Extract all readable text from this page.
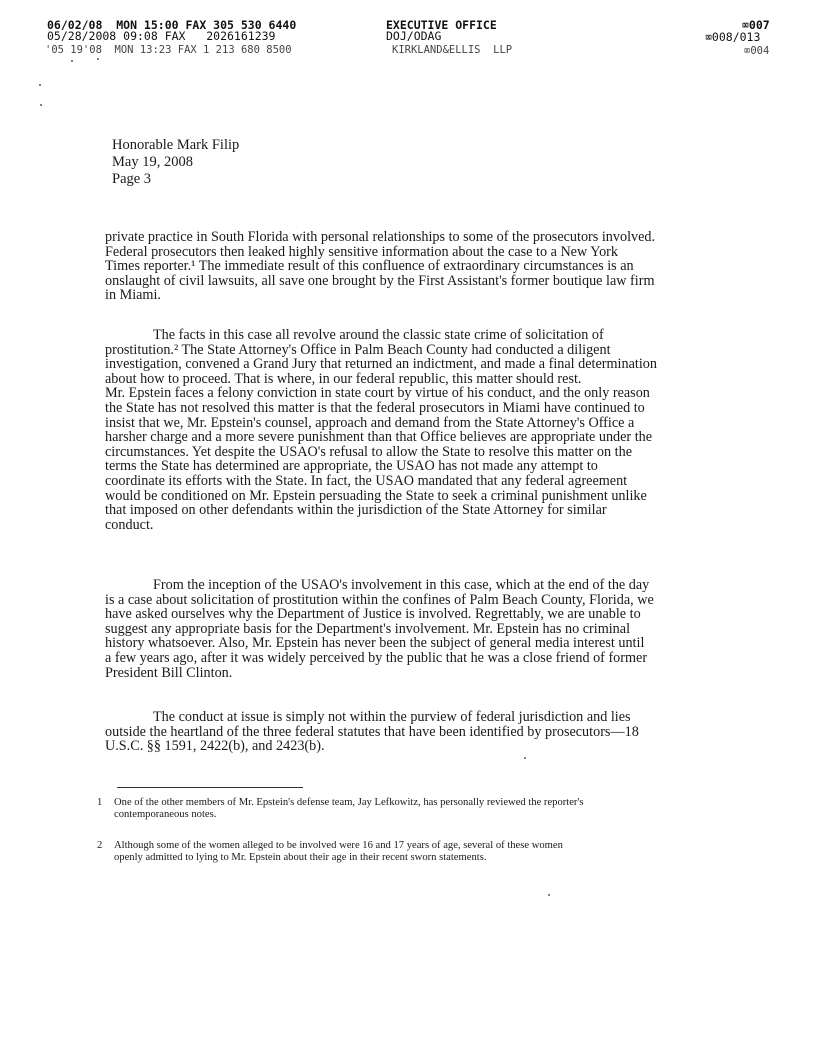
06/02/08  MON 15:00 FAX 305 530 6440	EXECUTIVE OFFICE	⌧007
05/28/2008 09:08 FAX   2026161239	DOJ/ODAG	⌧008/013
'05 19'08  MON 13:23 FAX 1 213 680 8500	KIRKLAND&ELLIS  LLP	⌧004
Honorable Mark Filip
May 19, 2008
Page 3
private practice in South Florida with personal relationships to some of the prosecutors involved.
Federal prosecutors then leaked highly sensitive information about the case to a New York
Times reporter.¹ The immediate result of this confluence of extraordinary circumstances is an
onslaught of civil lawsuits, all save one brought by the First Assistant's former boutique law firm
in Miami.
The facts in this case all revolve around the classic state crime of solicitation of
prostitution.² The State Attorney's Office in Palm Beach County had conducted a diligent
investigation, convened a Grand Jury that returned an indictment, and made a final determination
about how to proceed. That is where, in our federal republic, this matter should rest.
Mr. Epstein faces a felony conviction in state court by virtue of his conduct, and the only reason
the State has not resolved this matter is that the federal prosecutors in Miami have continued to
insist that we, Mr. Epstein's counsel, approach and demand from the State Attorney's Office a
harsher charge and a more severe punishment than that Office believes are appropriate under the
circumstances. Yet despite the USAO's refusal to allow the State to resolve this matter on the
terms the State has determined are appropriate, the USAO has not made any attempt to
coordinate its efforts with the State. In fact, the USAO mandated that any federal agreement
would be conditioned on Mr. Epstein persuading the State to seek a criminal punishment unlike
that imposed on other defendants within the jurisdiction of the State Attorney for similar
conduct.
From the inception of the USAO's involvement in this case, which at the end of the day
is a case about solicitation of prostitution within the confines of Palm Beach County, Florida, we
have asked ourselves why the Department of Justice is involved. Regrettably, we are unable to
suggest any appropriate basis for the Department's involvement. Mr. Epstein has no criminal
history whatsoever. Also, Mr. Epstein has never been the subject of general media interest until
a few years ago, after it was widely perceived by the public that he was a close friend of former
President Bill Clinton.
The conduct at issue is simply not within the purview of federal jurisdiction and lies
outside the heartland of the three federal statutes that have been identified by prosecutors—18
U.S.C. §§ 1591, 2422(b), and 2423(b).
1 One of the other members of Mr. Epstein's defense team, Jay Lefkowitz, has personally reviewed the reporter's
contemporaneous notes.
2 Although some of the women alleged to be involved were 16 and 17 years of age, several of these women
openly admitted to lying to Mr. Epstein about their age in their recent sworn statements.
